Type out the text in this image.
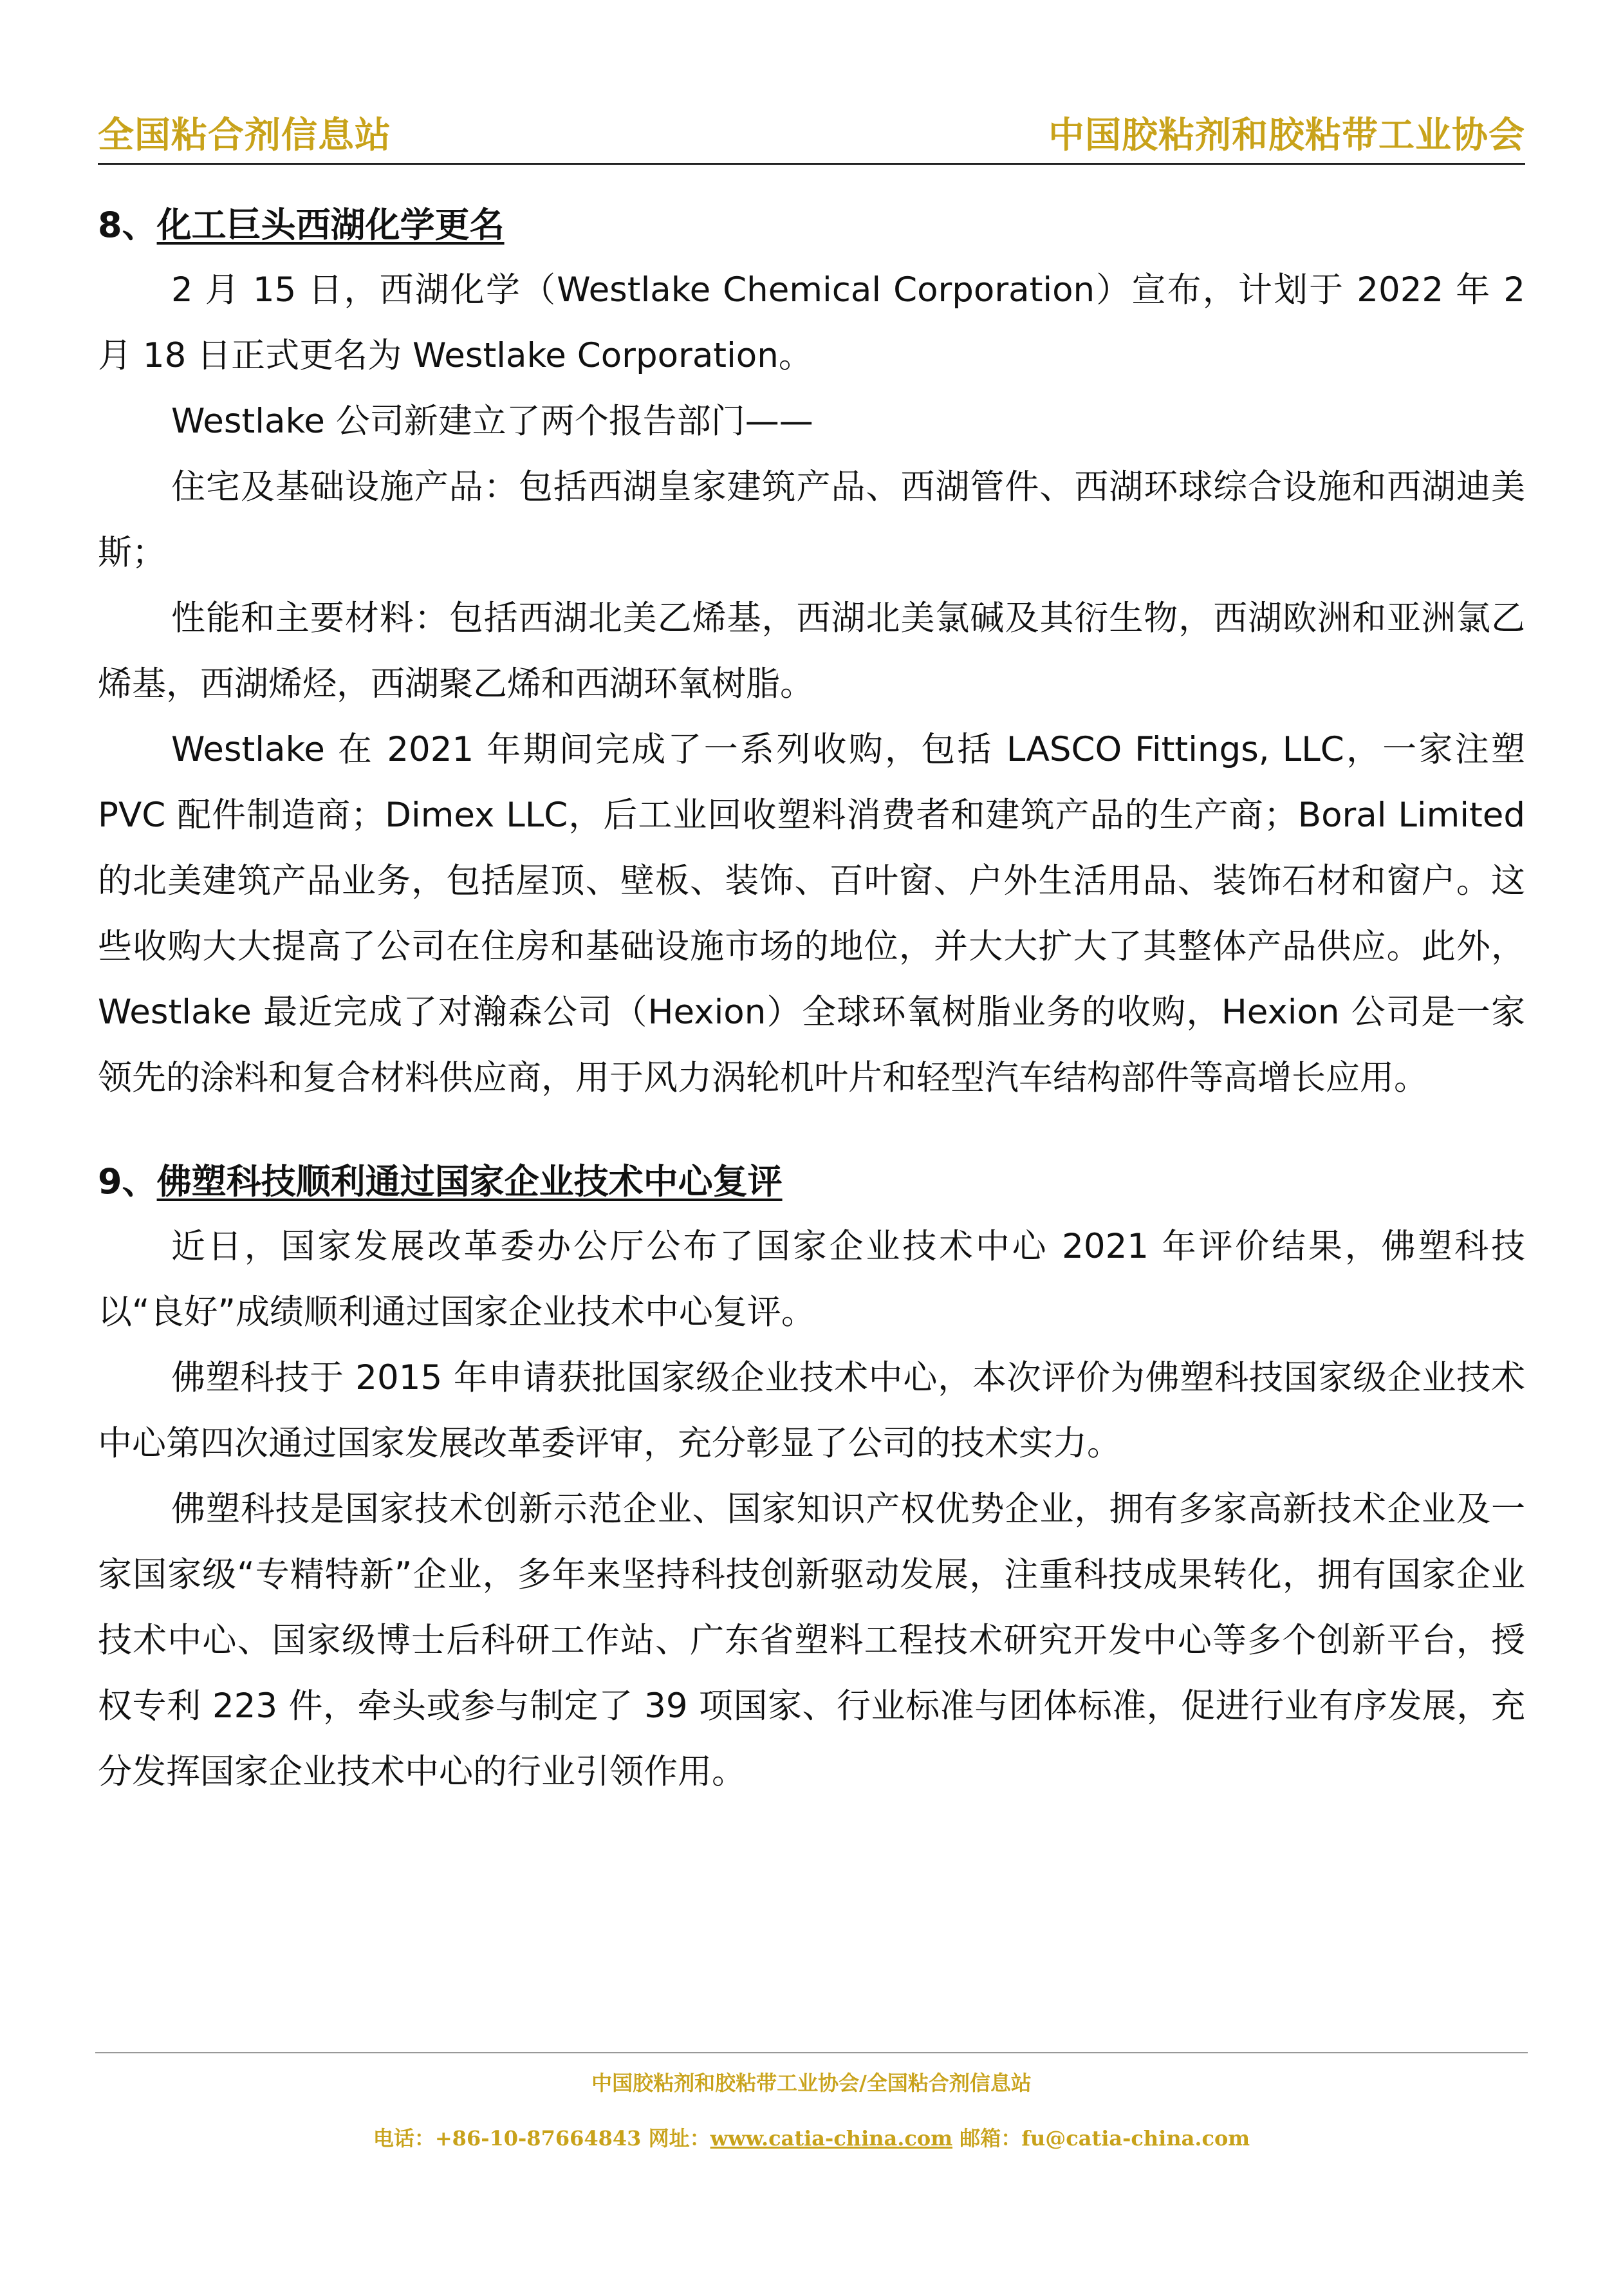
全国粘合剂信息站	中国胶粘剂和胶粘带工业协会

8、化工巨头西湖化学更名

2 月 15 日，西湖化学（Westlake Chemical Corporation）宣布，计划于 2022 年 2 月 18 日正式更名为 Westlake Corporation。

Westlake 公司新建立了两个报告部门——

住宅及基础设施产品：包括西湖皇家建筑产品、西湖管件、西湖环球综合设施和西湖迪美斯；

性能和主要材料：包括西湖北美乙烯基，西湖北美氯碱及其衍生物，西湖欧洲和亚洲氯乙烯基，西湖烯烃，西湖聚乙烯和西湖环氧树脂。

Westlake 在 2021 年期间完成了一系列收购，包括 LASCO Fittings, LLC，一家注塑 PVC 配件制造商；Dimex LLC，后工业回收塑料消费者和建筑产品的生产商；Boral Limited 的北美建筑产品业务，包括屋顶、壁板、装饰、百叶窗、户外生活用品、装饰石材和窗户。这些收购大大提高了公司在住房和基础设施市场的地位，并大大扩大了其整体产品供应。此外，Westlake 最近完成了对瀚森公司（Hexion）全球环氧树脂业务的收购，Hexion 公司是一家领先的涂料和复合材料供应商，用于风力涡轮机叶片和轻型汽车结构部件等高增长应用。

9、佛塑科技顺利通过国家企业技术中心复评

近日，国家发展改革委办公厅公布了国家企业技术中心 2021 年评价结果，佛塑科技以“良好”成绩顺利通过国家企业技术中心复评。

佛塑科技于 2015 年申请获批国家级企业技术中心，本次评价为佛塑科技国家级企业技术中心第四次通过国家发展改革委评审，充分彰显了公司的技术实力。

佛塑科技是国家技术创新示范企业、国家知识产权优势企业，拥有多家高新技术企业及一家国家级“专精特新”企业，多年来坚持科技创新驱动发展，注重科技成果转化，拥有国家企业技术中心、国家级博士后科研工作站、广东省塑料工程技术研究开发中心等多个创新平台，授权专利 223 件，牵头或参与制定了 39 项国家、行业标准与团体标准，促进行业有序发展，充分发挥国家企业技术中心的行业引领作用。

中国胶粘剂和胶粘带工业协会/全国粘合剂信息站
电话：+86-10-87664843 网址：www.catia-china.com 邮箱：fu@catia-china.com
